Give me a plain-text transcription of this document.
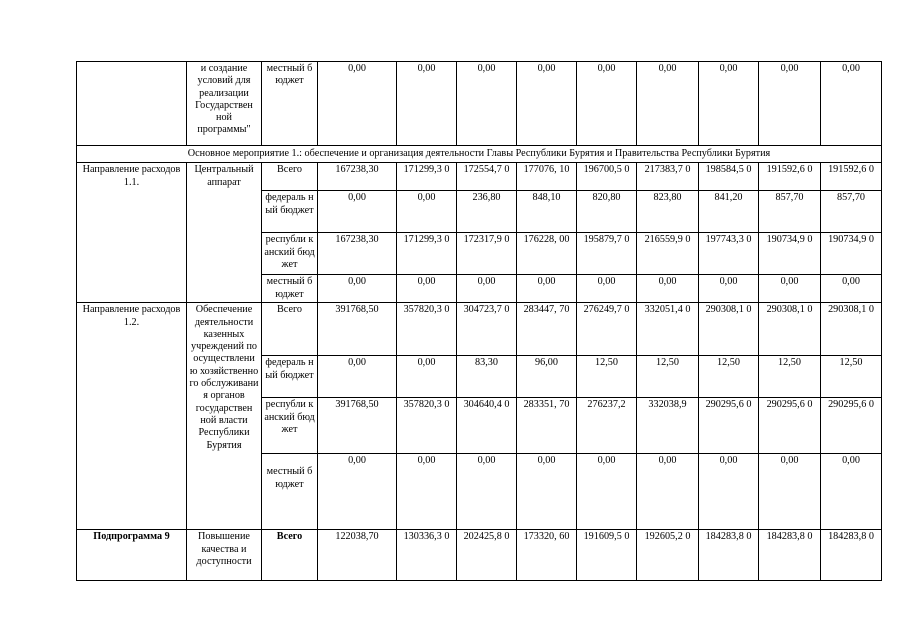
	и создание условий для реализации Государствен ной программы"	местный бюджет	0,00	0,00	0,00	0,00	0,00	0,00	0,00	0,00	0,00
Основное мероприятие 1.: обеспечение и организация деятельности Главы Республики Бурятия и Правительства Республики Бурятия											
Направление расходов 1.1.	Центральный аппарат	Всего	167238,30	171299,3 0	172554,7 0	177076, 10	196700,5 0	217383,7 0	198584,5 0	191592,6 0	191592,6 0
		федераль ный бюджет	0,00	0,00	236,80	848,10	820,80	823,80	841,20	857,70	857,70
		республи канский бюджет	167238,30	171299,3 0	172317,9 0	176228, 00	195879,7 0	216559,9 0	197743,3 0	190734,9 0	190734,9 0
		местный бюджет	0,00	0,00	0,00	0,00	0,00	0,00	0,00	0,00	0,00
Направление расходов 1.2.	Обеспечение деятельности казенных учреждений по осуществлени ю хозяйственно го обслуживани я органов государствен ной власти Республики Бурятия	Всего	391768,50	357820,3 0	304723,7 0	283447, 70	276249,7 0	332051,4 0	290308,1 0	290308,1 0	290308,1 0
		федераль ный бюджет	0,00	0,00	83,30	96,00	12,50	12,50	12,50	12,50	12,50
		республи канский бюджет	391768,50	357820,3 0	304640,4 0	283351, 70	276237,2	332038,9	290295,6 0	290295,6 0	290295,6 0
		местный бюджет	0,00	0,00	0,00	0,00	0,00	0,00	0,00	0,00	0,00
Подпрограмма 9	Повышение качества и доступности	Всего	122038,70	130336,3 0	202425,8 0	173320, 60	191609,5 0	192605,2 0	184283,8 0	184283,8 0	184283,8 0
